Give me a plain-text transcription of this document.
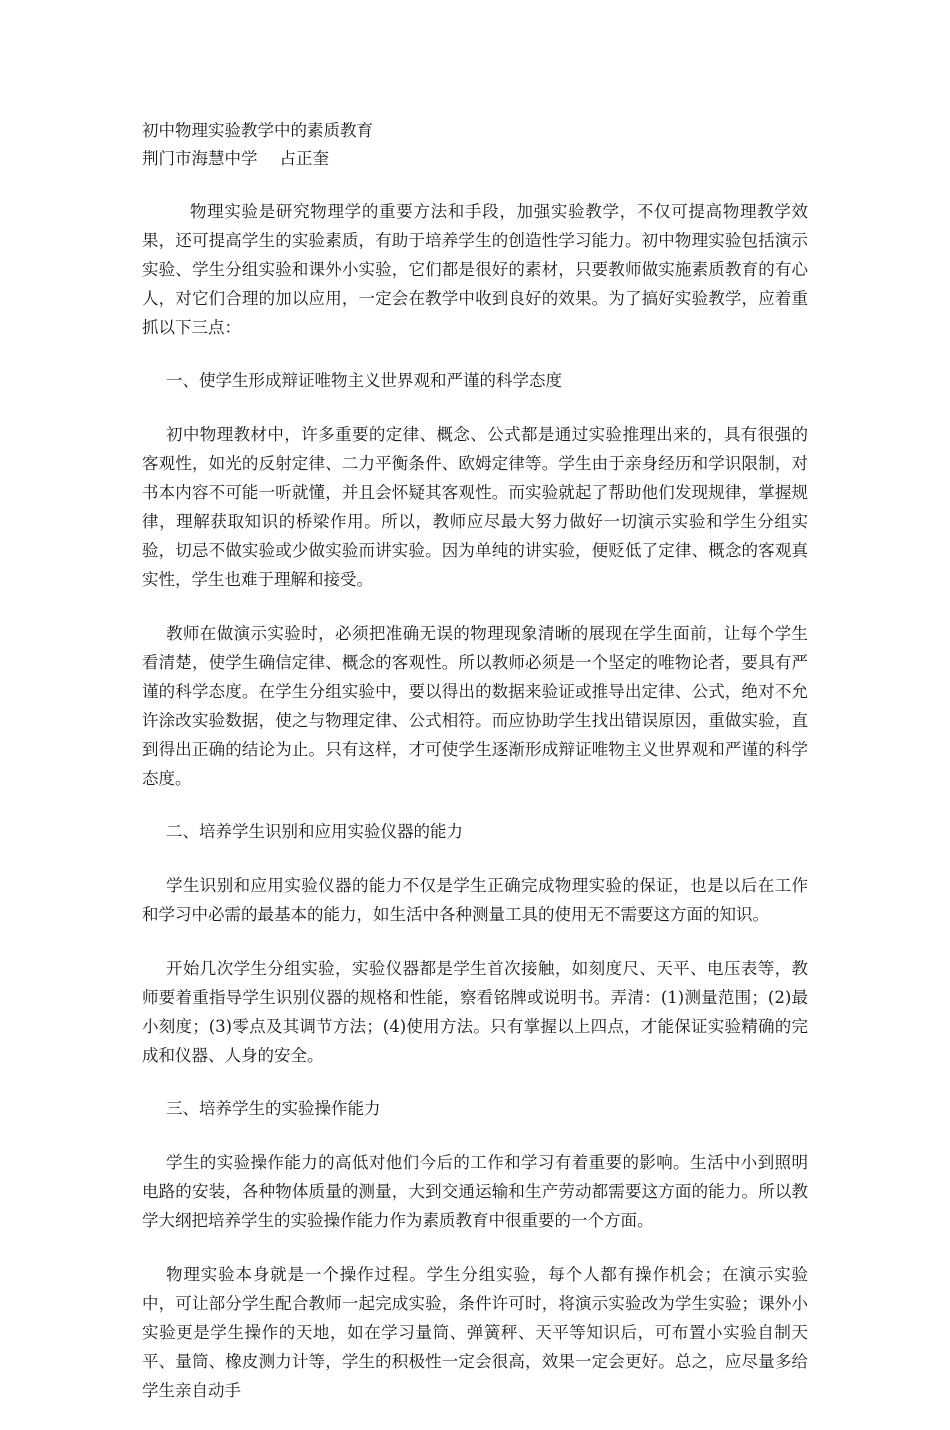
初中物理实验教学中的素质教育

荆门市海慧中学 占正奎

物理实验是研究物理学的重要方法和手段，加强实验教学，不仅可提高物理教学效果，还可提高学生的实验素质，有助于培养学生的创造性学习能力。初中物理实验包括演示实验、学生分组实验和课外小实验，它们都是很好的素材，只要教师做实施素质教育的有心人，对它们合理的加以应用，一定会在教学中收到良好的效果。为了搞好实验教学，应着重抓以下三点：

一、使学生形成辩证唯物主义世界观和严谨的科学态度

初中物理教材中，许多重要的定律、概念、公式都是通过实验推理出来的，具有很强的客观性，如光的反射定律、二力平衡条件、欧姆定律等。学生由于亲身经历和学识限制，对书本内容不可能一听就懂，并且会怀疑其客观性。而实验就起了帮助他们发现规律，掌握规律，理解获取知识的桥梁作用。所以，教师应尽最大努力做好一切演示实验和学生分组实验，切忌不做实验或少做实验而讲实验。因为单纯的讲实验，便贬低了定律、概念的客观真实性，学生也难于理解和接受。

教师在做演示实验时，必须把准确无误的物理现象清晰的展现在学生面前，让每个学生看清楚，使学生确信定律、概念的客观性。所以教师必须是一个坚定的唯物论者，要具有严谨的科学态度。在学生分组实验中，要以得出的数据来验证或推导出定律、公式，绝对不允许涂改实验数据，使之与物理定律、公式相符。而应协助学生找出错误原因，重做实验，直到得出正确的结论为止。只有这样，才可使学生逐渐形成辩证唯物主义世界观和严谨的科学态度。

二、培养学生识别和应用实验仪器的能力

学生识别和应用实验仪器的能力不仅是学生正确完成物理实验的保证，也是以后在工作和学习中必需的最基本的能力，如生活中各种测量工具的使用无不需要这方面的知识。

开始几次学生分组实验，实验仪器都是学生首次接触，如刻度尺、天平、电压表等，教师要着重指导学生识别仪器的规格和性能，察看铭牌或说明书。弄清：(1)测量范围；(2)最小刻度；(3)零点及其调节方法；(4)使用方法。只有掌握以上四点，才能保证实验精确的完成和仪器、人身的安全。

三、培养学生的实验操作能力

学生的实验操作能力的高低对他们今后的工作和学习有着重要的影响。生活中小到照明电路的安装，各种物体质量的测量，大到交通运输和生产劳动都需要这方面的能力。所以教学大纲把培养学生的实验操作能力作为素质教育中很重要的一个方面。

物理实验本身就是一个操作过程。学生分组实验，每个人都有操作机会；在演示实验中，可让部分学生配合教师一起完成实验，条件许可时，将演示实验改为学生实验；课外小实验更是学生操作的天地，如在学习量筒、弹簧秤、天平等知识后，可布置小实验自制天平、量筒、橡皮测力计等，学生的积极性一定会很高，效果一定会更好。总之，应尽量多给学生亲自动手
